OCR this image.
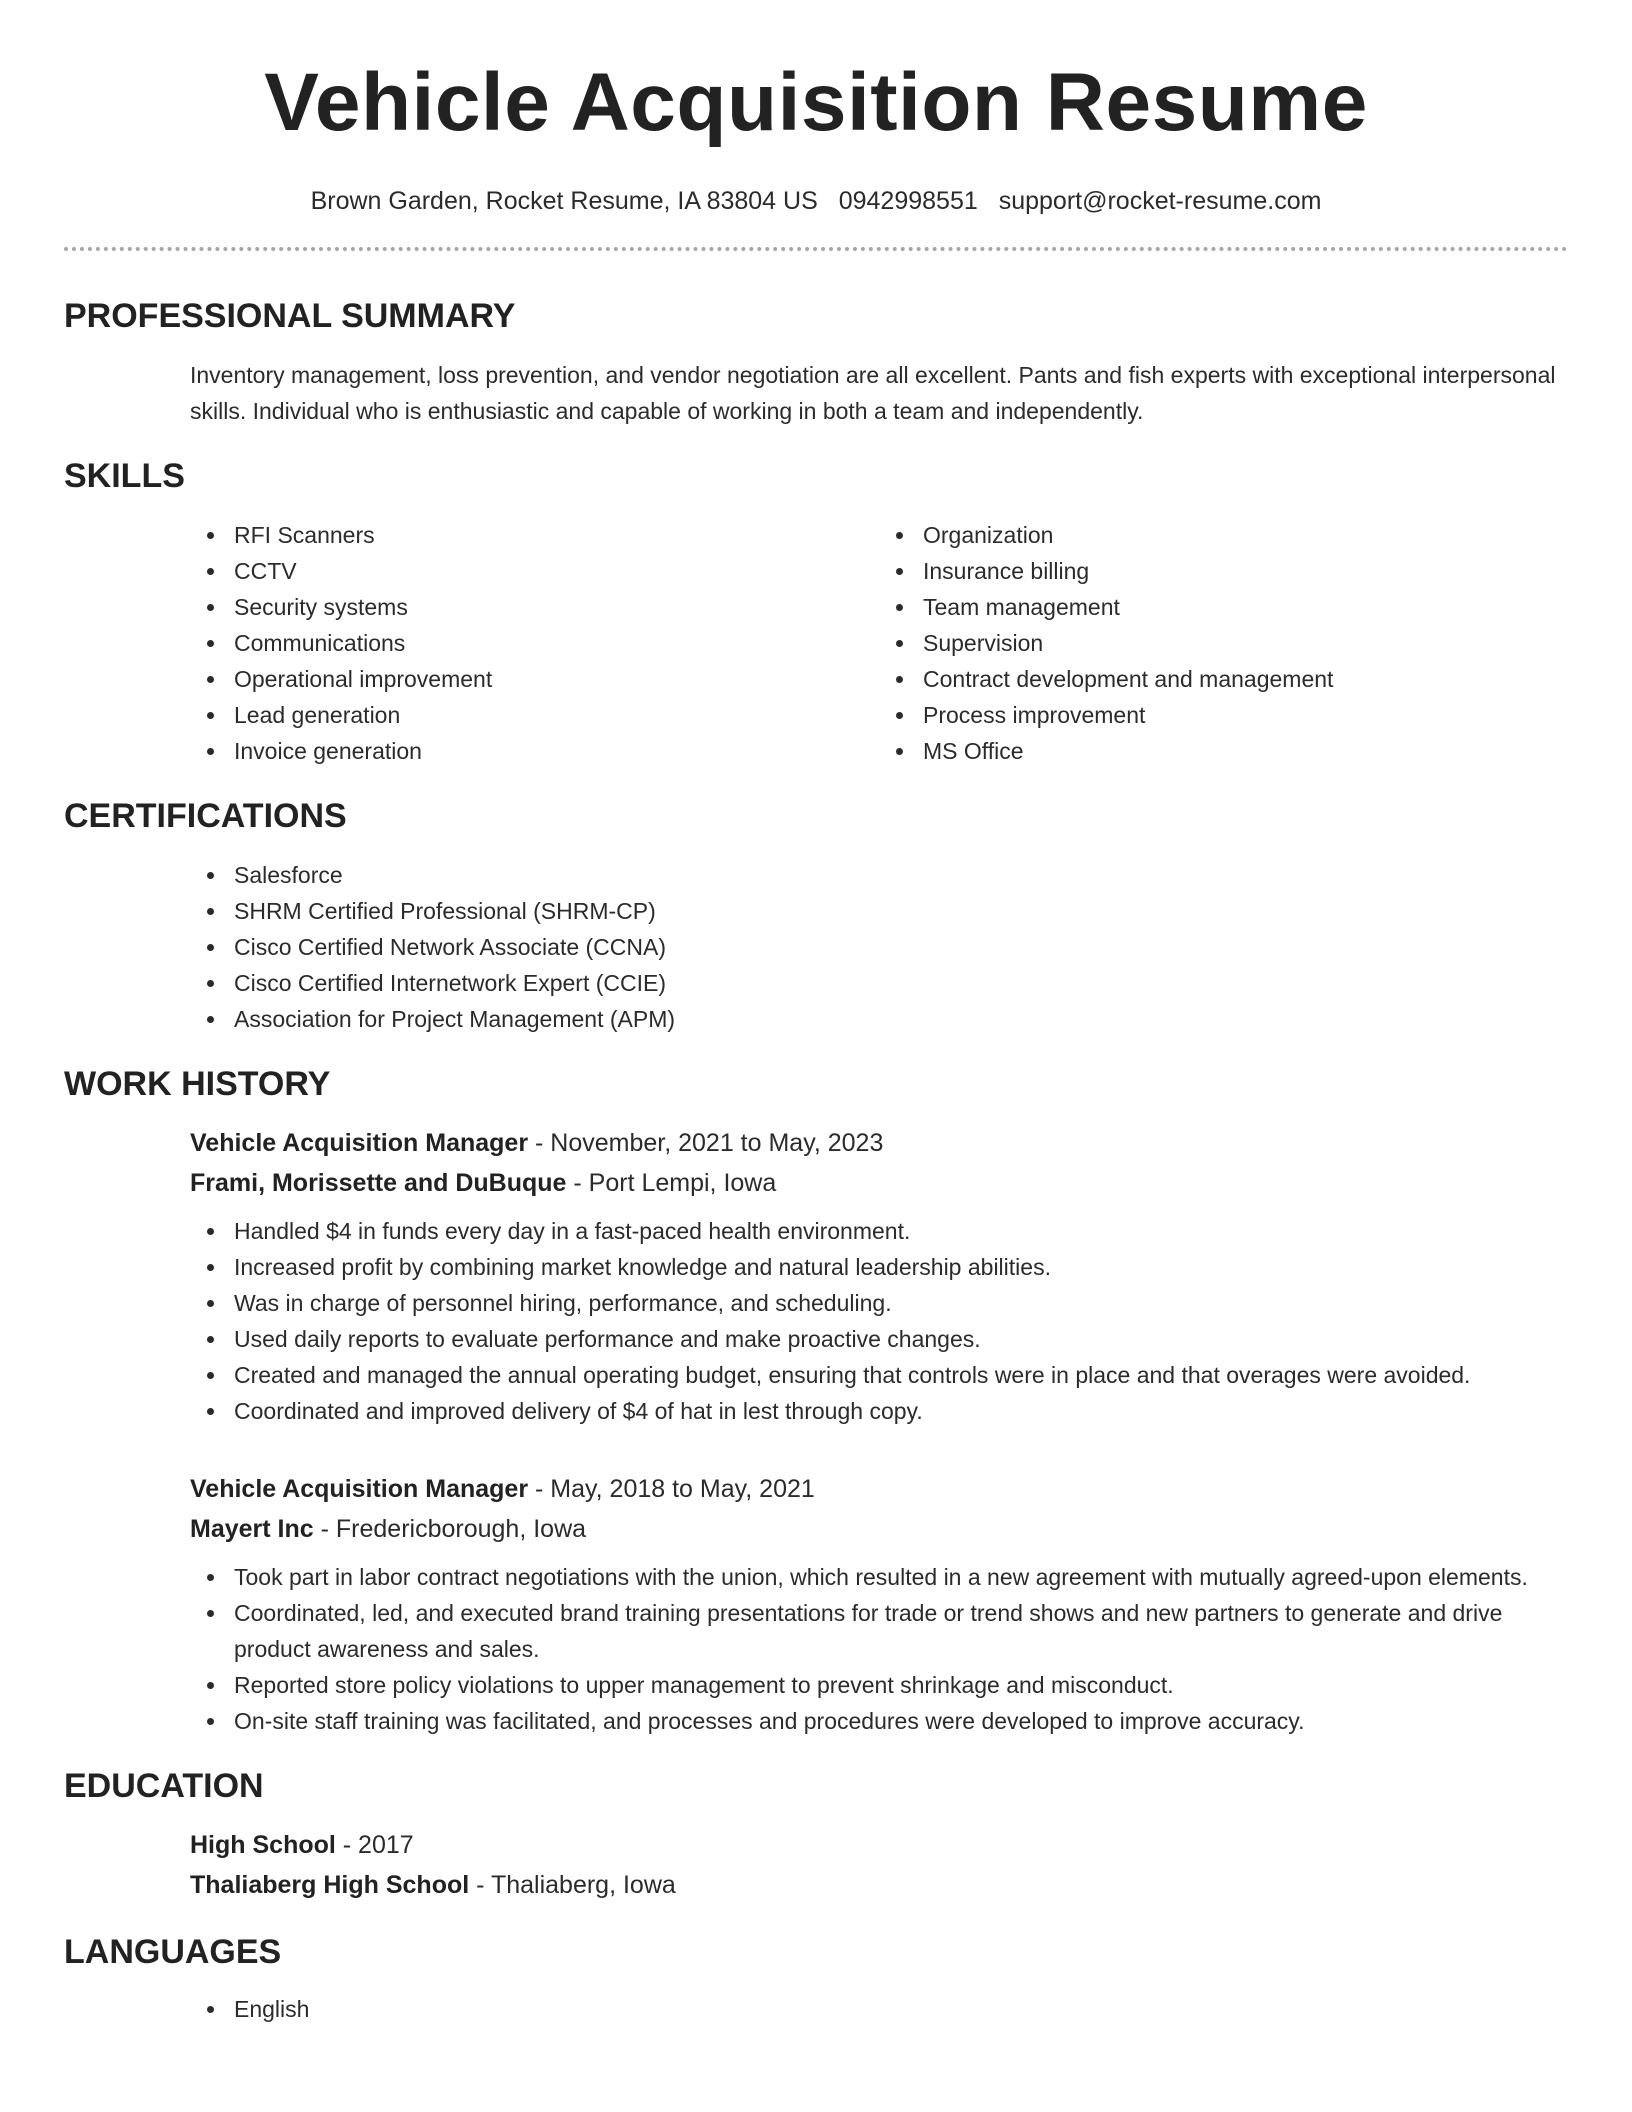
Vehicle Acquisition Resume
Brown Garden, Rocket Resume, IA 83804 US 0942998551 support@rocket-resume.com
PROFESSIONAL SUMMARY

Inventory management, loss prevention, and vendor negotiation are all excellent. Pants and fish experts with exceptional interpersonal skills. Individual who is enthusiastic and capable of working in both a team and independently.

SKILLS
RFI Scanners
CCTV
Security systems
Communications
Operational improvement
Lead generation
Invoice generation
Organization
Insurance billing
Team management
Supervision
Contract development and management
Process improvement
MS Office
CERTIFICATIONS
Salesforce
SHRM Certified Professional (SHRM-CP)
Cisco Certified Network Associate (CCNA)
Cisco Certified Internetwork Expert (CCIE)
Association for Project Management (APM)
WORK HISTORY
Vehicle Acquisition Manager - November, 2021 to May, 2023
Frami, Morissette and DuBuque - Port Lempi, Iowa
Handled $4 in funds every day in a fast-paced health environment.
Increased profit by combining market knowledge and natural leadership abilities.
Was in charge of personnel hiring, performance, and scheduling.
Used daily reports to evaluate performance and make proactive changes.
Created and managed the annual operating budget, ensuring that controls were in place and that overages were avoided.
Coordinated and improved delivery of $4 of hat in lest through copy.
Vehicle Acquisition Manager - May, 2018 to May, 2021
Mayert Inc - Fredericborough, Iowa
Took part in labor contract negotiations with the union, which resulted in a new agreement with mutually agreed-upon elements.
Coordinated, led, and executed brand training presentations for trade or trend shows and new partners to generate and drive product awareness and sales.
Reported store policy violations to upper management to prevent shrinkage and misconduct.
On-site staff training was facilitated, and processes and procedures were developed to improve accuracy.
EDUCATION
High School - 2017
Thaliaberg High School - Thaliaberg, Iowa
LANGUAGES
English
